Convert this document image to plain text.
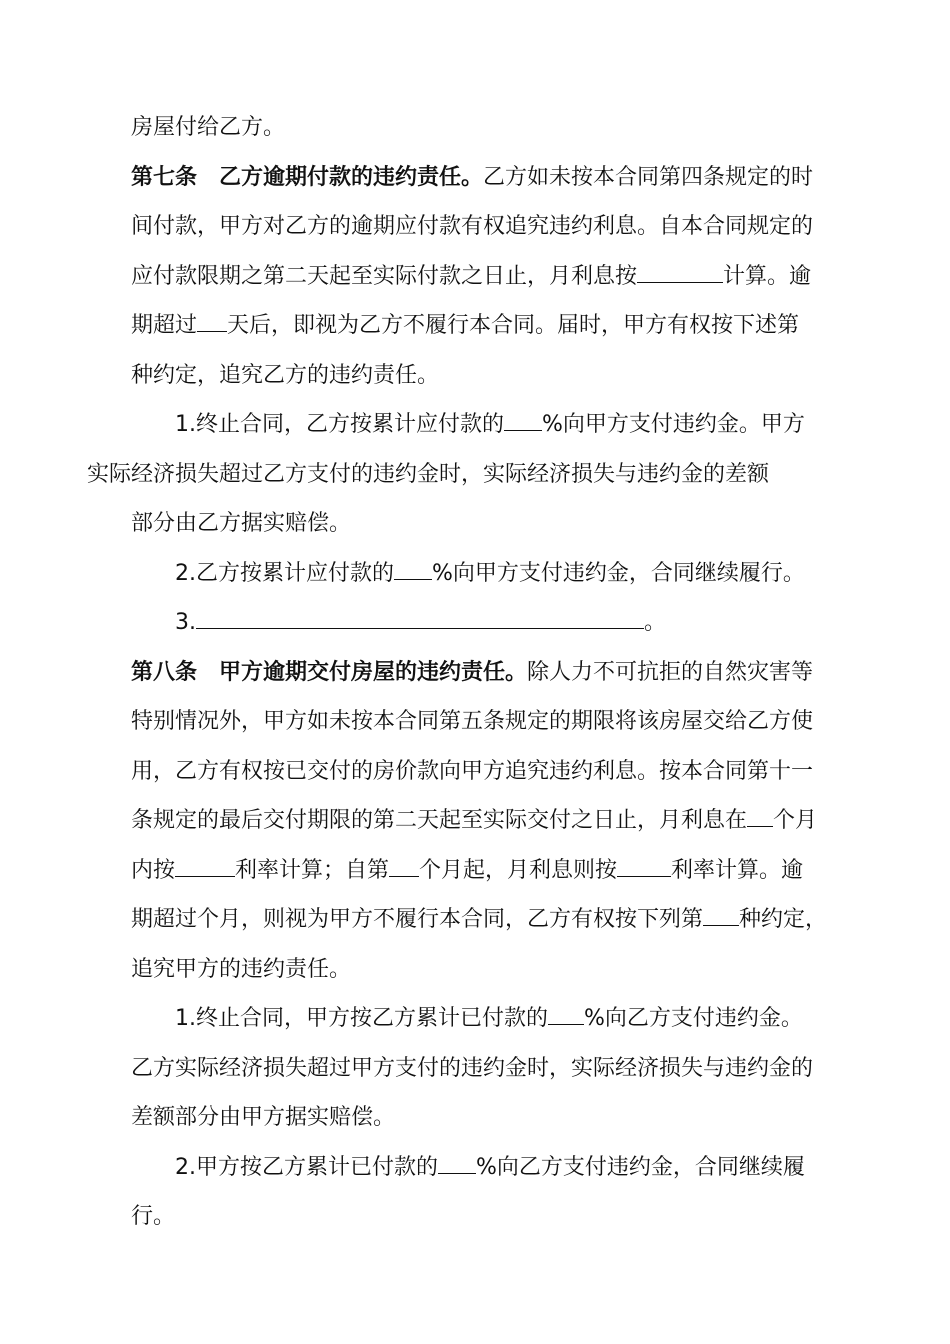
房屋付给乙方。

第七条　乙方逾期付款的违约责任。乙方如未按本合同第四条规定的时
间付款，甲方对乙方的逾期应付款有权追究违约利息。自本合同规定的
应付款限期之第二天起至实际付款之日止，月利息按	计算。逾
期超过 天后，即视为乙方不履行本合同。届时，甲方有权按下述第
种约定，追究乙方的违约责任。

1.终止合同，乙方按累计应付款的 %向甲方支付违约金。甲方
实际经济损失超过乙方支付的违约金时，实际经济损失与违约金的差额
部分由乙方据实赔偿。

2.乙方按累计应付款的 %向甲方支付违约金，合同继续履行。

3.	。

第八条　甲方逾期交付房屋的违约责任。除人力不可抗拒的自然灾害等
特别情况外，甲方如未按本合同第五条规定的期限将该房屋交给乙方使
用，乙方有权按已交付的房价款向甲方追究违约利息。按本合同第十一
条规定的最后交付期限的第二天起至实际交付之日止，月利息在 个月
内按	利率计算；自第 个月起，月利息则按 利率计算。逾
期超过个月，则视为甲方不履行本合同，乙方有权按下列第 种约定，
追究甲方的违约责任。

1.终止合同，甲方按乙方累计已付款的 %向乙方支付违约金。
乙方实际经济损失超过甲方支付的违约金时，实际经济损失与违约金的
差额部分由甲方据实赔偿。

2.甲方按乙方累计已付款的 %向乙方支付违约金，合同继续履
行。
